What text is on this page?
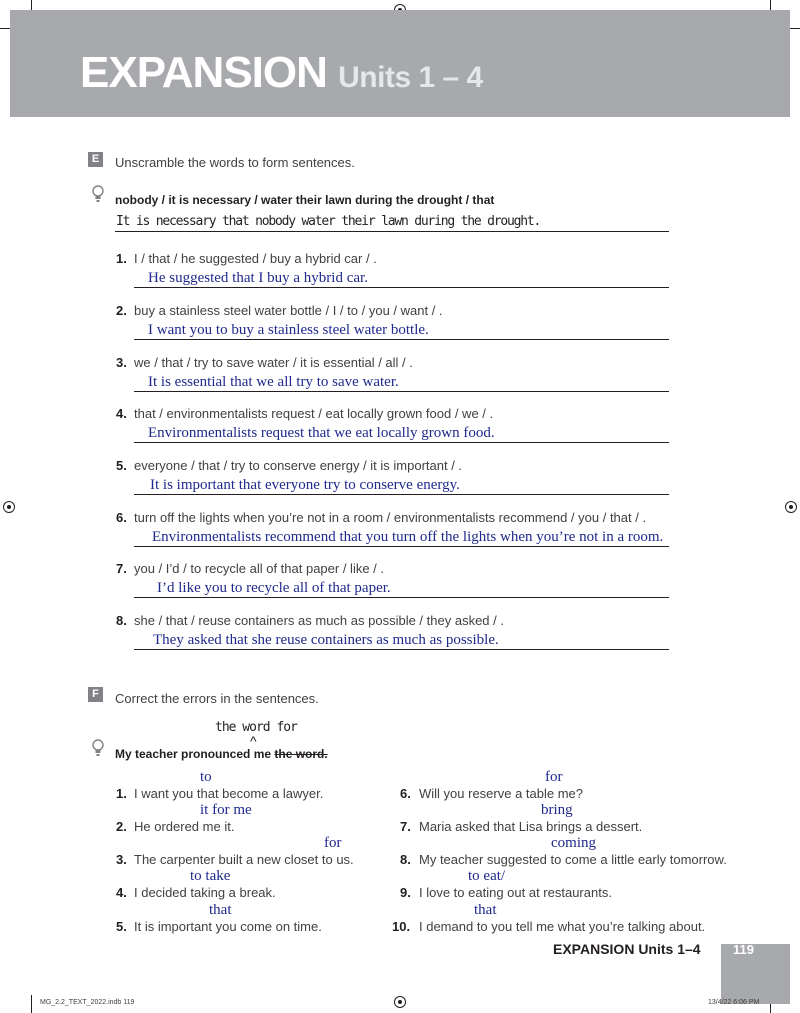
EXPANSION Units 1 – 4
E Unscramble the words to form sentences.
nobody / it is necessary / water their lawn during the drought / that
It is necessary that nobody water their lawn during the drought.
1. I / that / he suggested / buy a hybrid car / .
He suggested that I buy a hybrid car.
2. buy a stainless steel water bottle / I / to / you / want / .
I want you to buy a stainless steel water bottle.
3. we / that / try to save water / it is essential / all / .
It is essential that we all try to save water.
4. that / environmentalists request / eat locally grown food / we / .
Environmentalists request that we eat locally grown food.
5. everyone / that / try to conserve energy / it is important / .
It is important that everyone try to conserve energy.
6. turn off the lights when you’re not in a room / environmentalists recommend / you / that / .
Environmentalists recommend that you turn off the lights when you’re not in a room.
7. you / I’d / to recycle all of that paper / like / .
I’d like you to recycle all of that paper.
8. she / that / reuse containers as much as possible / they asked / .
They asked that she reuse containers as much as possible.
F	Correct the errors in the sentences.
the word for
^
My teacher pronounced me the word.
to
1. I want you that become a lawyer.
it for me
2. He ordered me it.
for
3. The carpenter built a new closet to us.
to take
4. I decided taking a break.
that
5. It is important you come on time.
for
6. Will you reserve a table me?
bring
7. Maria asked that Lisa brings a dessert.
coming
8. My teacher suggested to come a little early tomorrow.
to eat/
9. I love to eating out at restaurants.
that
10. I demand to you tell me what you’re talking about.
EXPANSION Units 1–4 119
MG_2.2_TEXT_2022.indb 119	13/4/22 6:06 PM
